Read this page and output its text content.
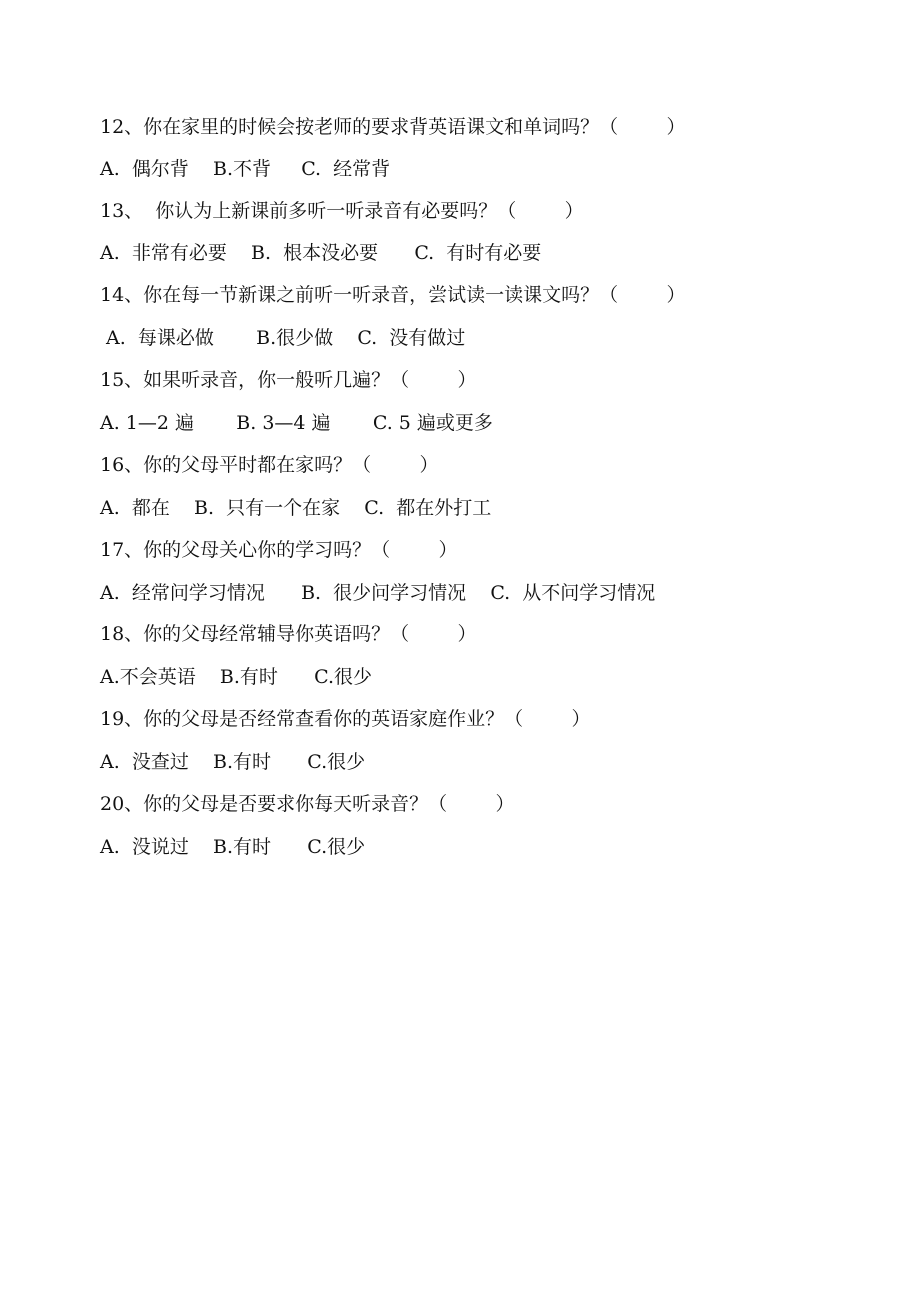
12、你在家里的时候会按老师的要求背英语课文和单词吗？（        ）
A.  偶尔背    B.不背     C.  经常背
13、  你认为上新课前多听一听录音有必要吗？（        ）
A.  非常有必要    B.  根本没必要      C.  有时有必要
14、你在每一节新课之前听一听录音，尝试读一读课文吗？（        ）
A.  每课必做       B.很少做    C.  没有做过
15、如果听录音，你一般听几遍？（        ）
A. 1—2 遍       B. 3—4 遍       C. 5 遍或更多
16、你的父母平时都在家吗？（        ）
A.  都在    B.  只有一个在家    C.  都在外打工
17、你的父母关心你的学习吗？（        ）
A.  经常问学习情况      B.  很少问学习情况    C.  从不问学习情况
18、你的父母经常辅导你英语吗？（        ）
A.不会英语    B.有时      C.很少
19、你的父母是否经常查看你的英语家庭作业？（        ）
A.  没查过    B.有时      C.很少
20、你的父母是否要求你每天听录音？（        ）
A.  没说过    B.有时      C.很少
